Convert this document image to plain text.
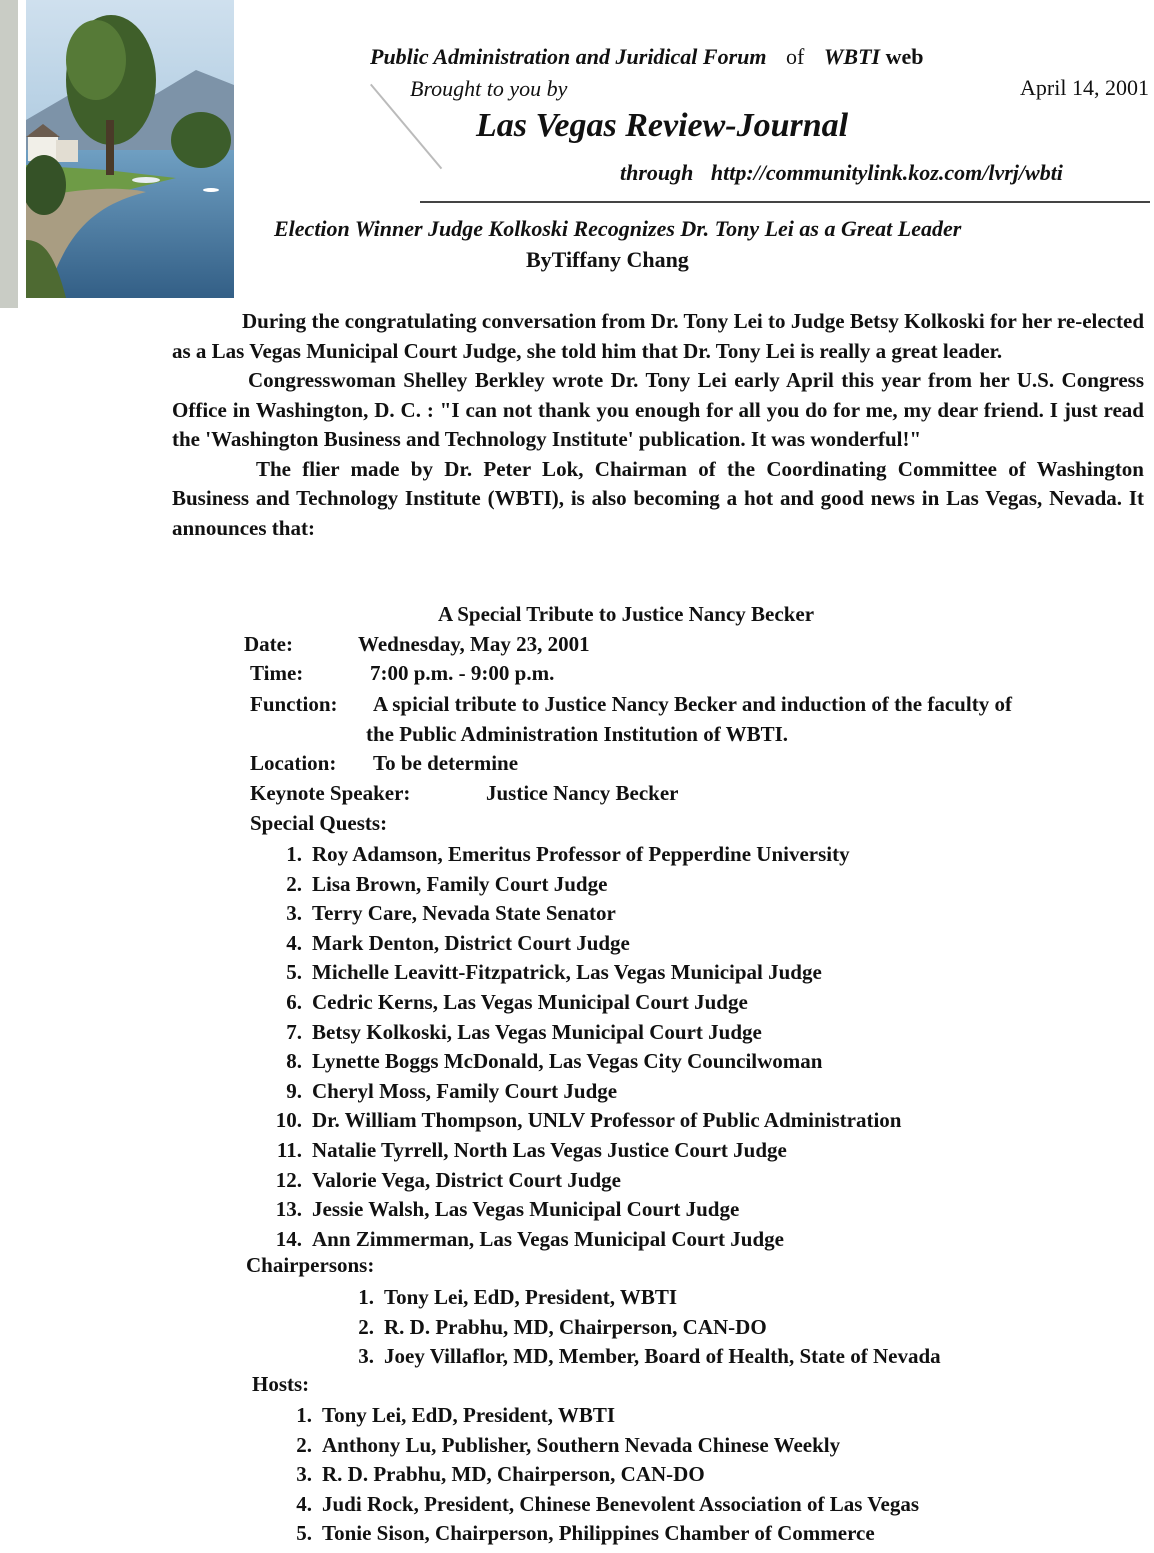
Public Administration and Juridical Forum of WBTI web
Brought to you by	April 14, 2001
Las Vegas Review-Journal
through http://communitylink.koz.com/lvrj/wbti
Election Winner Judge Kolkoski Recognizes Dr. Tony Lei as a Great Leader
ByTiffany Chang
During the congratulating conversation from Dr. Tony Lei to Judge Betsy Kolkoski for her re-elected as a Las Vegas Municipal Court Judge, she told him that Dr. Tony Lei is really a great leader.
Congresswoman Shelley Berkley wrote Dr. Tony Lei early April this year from her U.S. Congress Office in Washington, D. C. : "I can not thank you enough for all you do for me, my dear friend. I just read the 'Washington Business and Technology Institute' publication. It was wonderful!"
The flier made by Dr. Peter Lok, Chairman of the Coordinating Committee of Washington Business and Technology Institute (WBTI), is also becoming a hot and good news in Las Vegas, Nevada. It announces that:
A Special Tribute to Justice Nancy Becker
Date:	Wednesday, May 23, 2001
Time:	7:00 p.m. - 9:00 p.m.
Function: A spicial tribute to Justice Nancy Becker and induction of the faculty of
the Public Administration Institution of WBTI.
Location: To be determine
Keynote Speaker:	Justice Nancy Becker
Special Quests:
1. Roy Adamson, Emeritus Professor of Pepperdine University
2. Lisa Brown, Family Court Judge
3. Terry Care, Nevada State Senator
4. Mark Denton, District Court Judge
5. Michelle Leavitt-Fitzpatrick, Las Vegas Municipal Judge
6. Cedric Kerns, Las Vegas Municipal Court Judge
7. Betsy Kolkoski, Las Vegas Municipal Court Judge
8. Lynette Boggs McDonald, Las Vegas City Councilwoman
9. Cheryl Moss, Family Court Judge
10. Dr. William Thompson, UNLV Professor of Public Administration
11. Natalie Tyrrell, North Las Vegas Justice Court Judge
12. Valorie Vega, District Court Judge
13. Jessie Walsh, Las Vegas Municipal Court Judge
14. Ann Zimmerman, Las Vegas Municipal Court Judge
Chairpersons:
1. Tony Lei, EdD, President, WBTI
2. R. D. Prabhu, MD, Chairperson, CAN-DO
3. Joey Villaflor, MD, Member, Board of Health, State of Nevada
Hosts:
1. Tony Lei, EdD, President, WBTI
2. Anthony Lu, Publisher, Southern Nevada Chinese Weekly
3. R. D. Prabhu, MD, Chairperson, CAN-DO
4. Judi Rock, President, Chinese Benevolent Association of Las Vegas
5. Tonie Sison, Chairperson, Philippines Chamber of Commerce
